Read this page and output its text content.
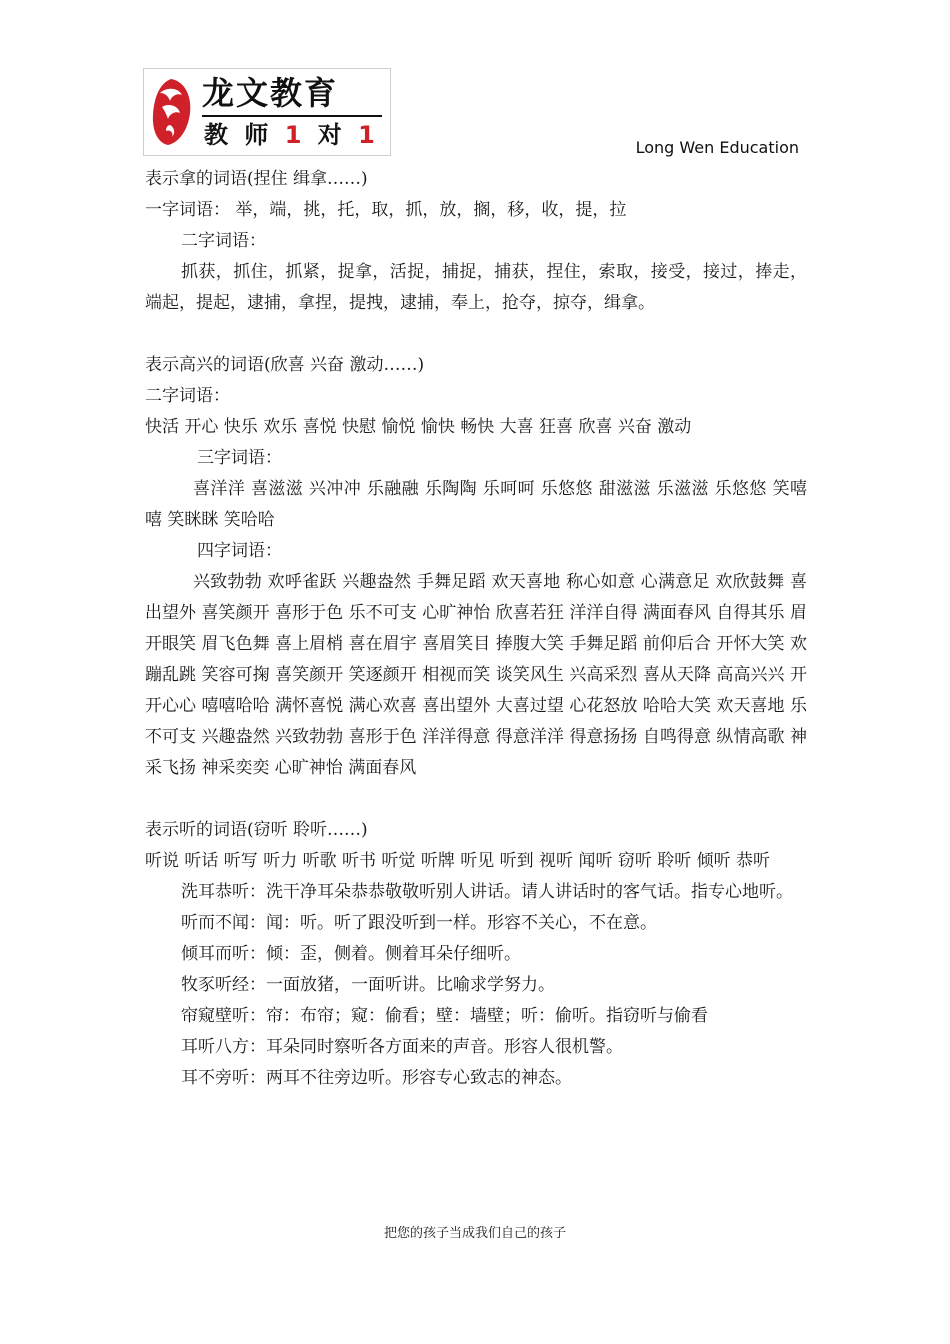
龙文教育
教 师 1 对 1	Long Wen Education

表示拿的词语(捏住 缉拿……)

一字词语： 举，端，挑，托，取，抓，放，搁，移，收，提，拉

二字词语：

抓获，抓住，抓紧，捉拿，活捉，捕捉，捕获，捏住，索取，接受，接过，捧走，端起，提起，逮捕，拿捏，提拽，逮捕，奉上，抢夺，掠夺，缉拿。

表示高兴的词语(欣喜 兴奋 激动……)

二字词语：

快活 开心 快乐 欢乐 喜悦 快慰 愉悦 愉快 畅快 大喜 狂喜 欣喜 兴奋 激动

三字词语：

喜洋洋 喜滋滋 兴冲冲 乐融融 乐陶陶 乐呵呵 乐悠悠 甜滋滋 乐滋滋 乐悠悠 笑嘻嘻 笑眯眯 笑哈哈

四字词语：

兴致勃勃 欢呼雀跃 兴趣盎然 手舞足蹈 欢天喜地 称心如意 心满意足 欢欣鼓舞 喜出望外 喜笑颜开 喜形于色 乐不可支 心旷神怡 欣喜若狂 洋洋自得 满面春风 自得其乐 眉开眼笑 眉飞色舞 喜上眉梢 喜在眉宇 喜眉笑目 捧腹大笑 手舞足蹈 前仰后合 开怀大笑 欢蹦乱跳 笑容可掬 喜笑颜开 笑逐颜开 相视而笑 谈笑风生 兴高采烈 喜从天降 高高兴兴 开开心心 嘻嘻哈哈 满怀喜悦 满心欢喜 喜出望外 大喜过望 心花怒放 哈哈大笑 欢天喜地 乐不可支 兴趣盎然 兴致勃勃 喜形于色 洋洋得意 得意洋洋 得意扬扬 自鸣得意 纵情高歌 神采飞扬 神采奕奕 心旷神怡 满面春风

表示听的词语(窃听 聆听……)

听说 听话 听写 听力 听歌 听书 听觉 听牌 听见 听到 视听 闻听 窃听 聆听 倾听 恭听

洗耳恭听：洗干净耳朵恭恭敬敬听别人讲话。请人讲话时的客气话。指专心地听。

听而不闻：闻：听。听了跟没听到一样。形容不关心，不在意。

倾耳而听：倾：歪，侧着。侧着耳朵仔细听。

牧豕听经：一面放猪，一面听讲。比喻求学努力。

帘窥壁听：帘：布帘；窥：偷看；壁：墙壁；听：偷听。指窃听与偷看

耳听八方：耳朵同时察听各方面来的声音。形容人很机警。

耳不旁听：两耳不往旁边听。形容专心致志的神态。

把您的孩子当成我们自己的孩子
